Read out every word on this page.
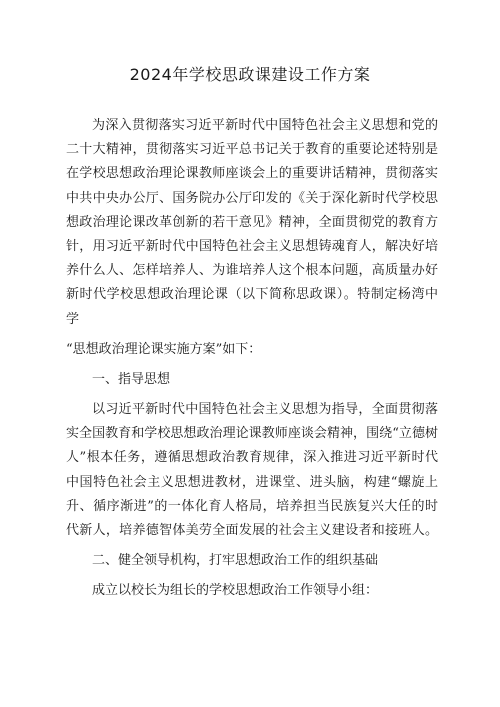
2024年学校思政课建设工作方案
为深入贯彻落实习近平新时代中国特色社会主义思想和党的
二十大精神，贯彻落实习近平总书记关于教育的重要论述特别是
在学校思想政治理论课教师座谈会上的重要讲话精神，贯彻落实
中共中央办公厅、国务院办公厅印发的《关于深化新时代学校思
想政治理论课改革创新的若干意见》精神，全面贯彻党的教育方
针，用习近平新时代中国特色社会主义思想铸魂育人，解决好培
养什么人、怎样培养人、为谁培养人这个根本问题，高质量办好
新时代学校思想政治理论课（以下简称思政课）。特制定杨湾中
学
“思想政治理论课实施方案”如下：
一、指导思想
以习近平新时代中国特色社会主义思想为指导，全面贯彻落
实全国教育和学校思想政治理论课教师座谈会精神，围绕“立德树
人”根本任务，遵循思想政治教育规律，深入推进习近平新时代
中国特色社会主义思想进教材，进课堂、进头脑，构建“螺旋上
升、循序渐进”的一体化育人格局，培养担当民族复兴大任的时
代新人，培养德智体美劳全面发展的社会主义建设者和接班人。
二、健全领导机构，打牢思想政治工作的组织基础
成立以校长为组长的学校思想政治工作领导小组：
